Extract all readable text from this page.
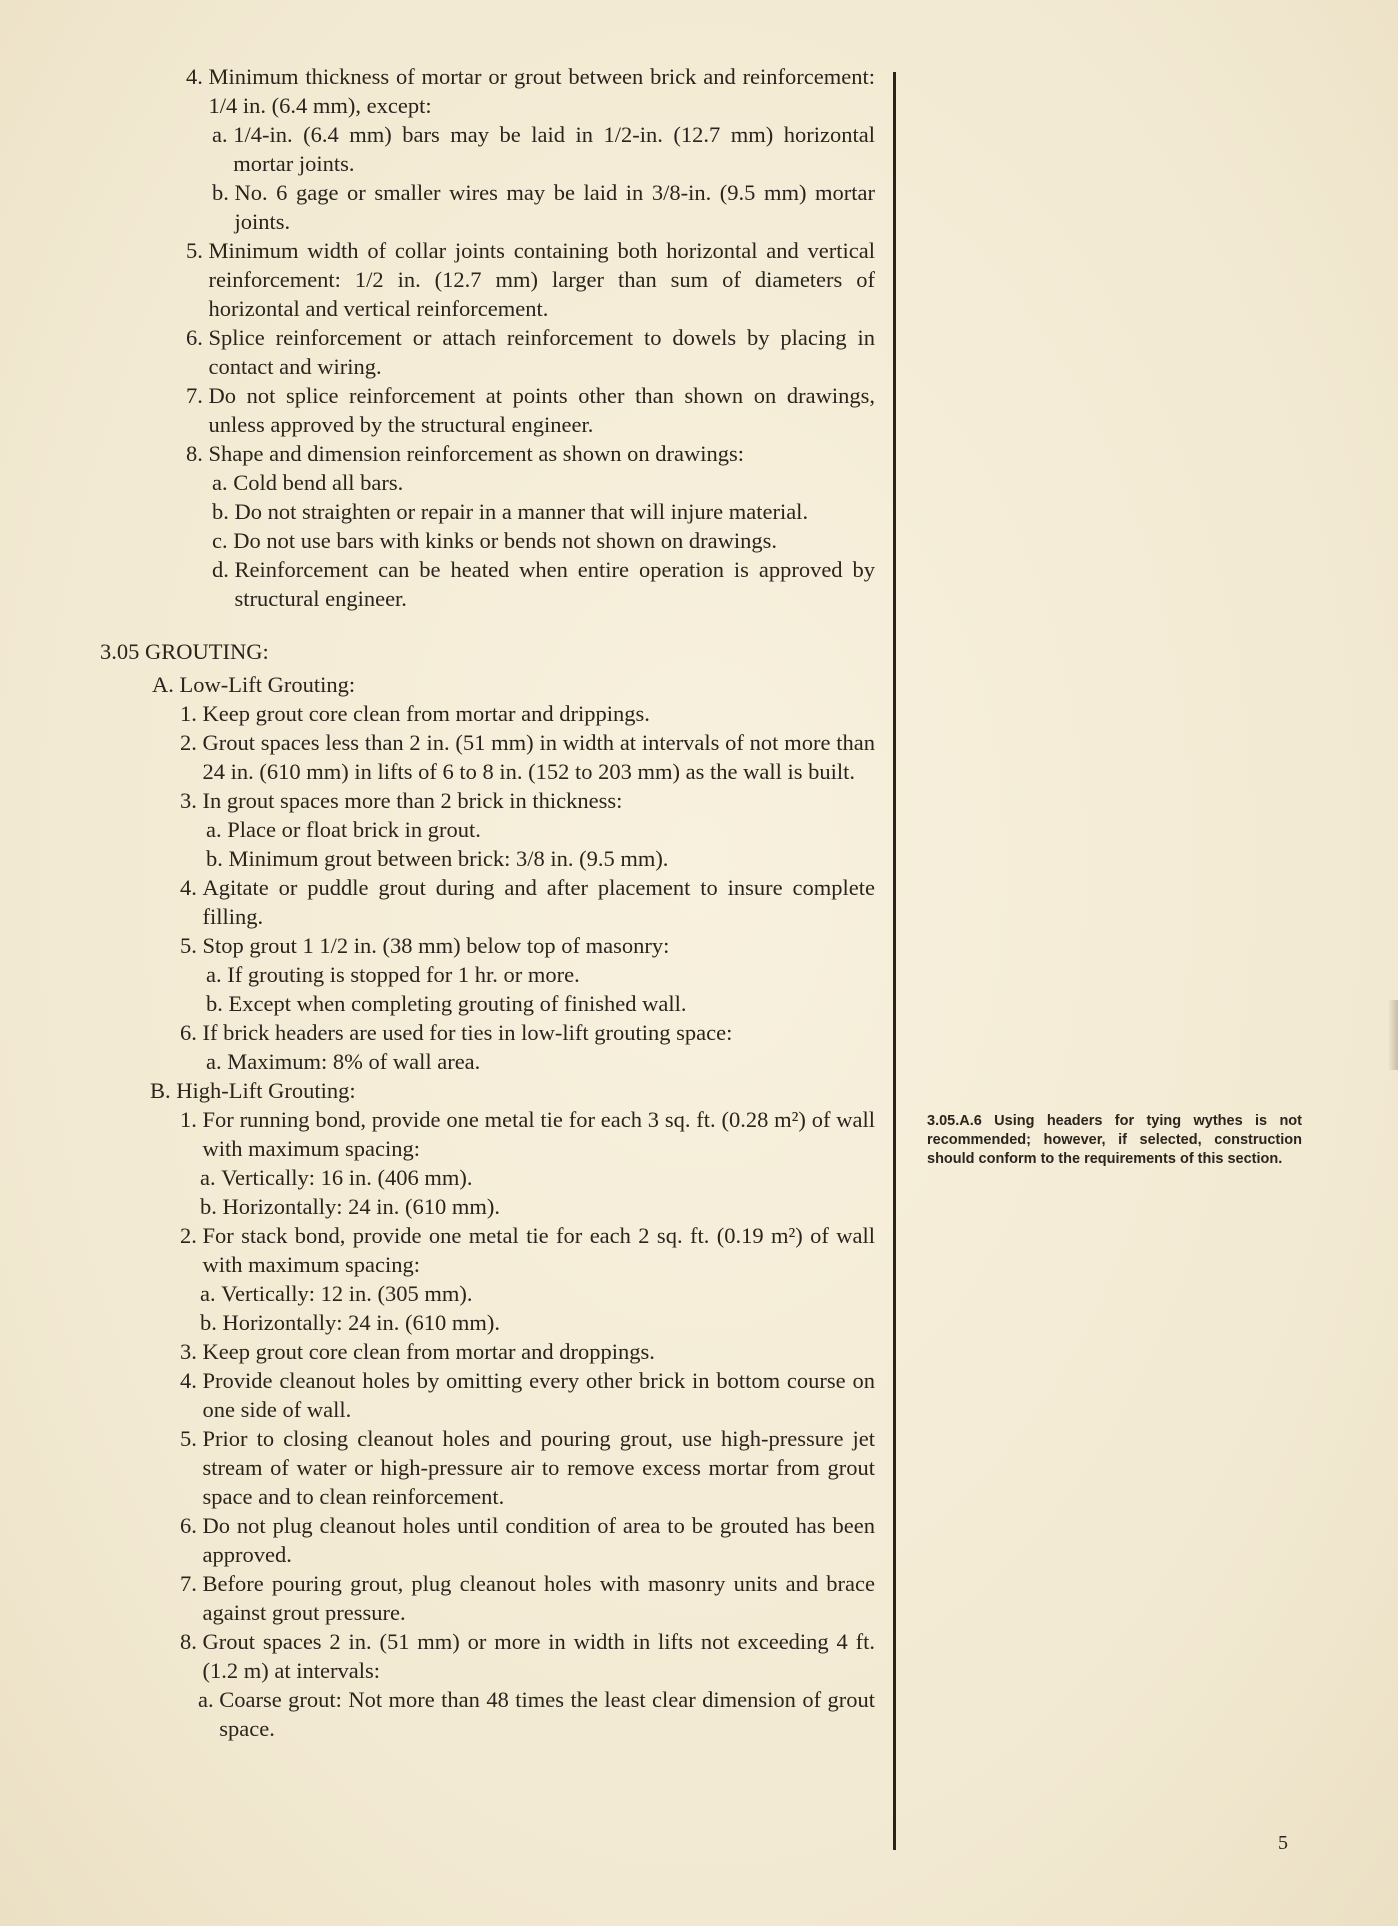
4. Minimum thickness of mortar or grout between brick and reinforcement: 1/4 in. (6.4 mm), except:
a. 1/4-in. (6.4 mm) bars may be laid in 1/2-in. (12.7 mm) horizontal mortar joints.
b. No. 6 gage or smaller wires may be laid in 3/8-in. (9.5 mm) mortar joints.
5. Minimum width of collar joints containing both horizontal and vertical reinforcement: 1/2 in. (12.7 mm) larger than sum of diameters of horizontal and vertical reinforcement.
6. Splice reinforcement or attach reinforcement to dowels by placing in contact and wiring.
7. Do not splice reinforcement at points other than shown on drawings, unless approved by the structural engineer.
8. Shape and dimension reinforcement as shown on drawings:
a. Cold bend all bars.
b. Do not straighten or repair in a manner that will injure material.
c. Do not use bars with kinks or bends not shown on drawings.
d. Reinforcement can be heated when entire operation is approved by structural engineer.
3.05 GROUTING:
A. Low-Lift Grouting:
1. Keep grout core clean from mortar and drippings.
2. Grout spaces less than 2 in. (51 mm) in width at intervals of not more than 24 in. (610 mm) in lifts of 6 to 8 in. (152 to 203 mm) as the wall is built.
3. In grout spaces more than 2 brick in thickness:
a. Place or float brick in grout.
b. Minimum grout between brick: 3/8 in. (9.5 mm).
4. Agitate or puddle grout during and after placement to insure complete filling.
5. Stop grout 1 1/2 in. (38 mm) below top of masonry:
a. If grouting is stopped for 1 hr. or more.
b. Except when completing grouting of finished wall.
6. If brick headers are used for ties in low-lift grouting space:
a. Maximum: 8% of wall area.
B. High-Lift Grouting:
1. For running bond, provide one metal tie for each 3 sq. ft. (0.28 m²) of wall with maximum spacing:
a. Vertically: 16 in. (406 mm).
b. Horizontally: 24 in. (610 mm).
2. For stack bond, provide one metal tie for each 2 sq. ft. (0.19 m²) of wall with maximum spacing:
a. Vertically: 12 in. (305 mm).
b. Horizontally: 24 in. (610 mm).
3. Keep grout core clean from mortar and droppings.
4. Provide cleanout holes by omitting every other brick in bottom course on one side of wall.
5. Prior to closing cleanout holes and pouring grout, use high-pressure jet stream of water or high-pressure air to remove excess mortar from grout space and to clean reinforcement.
6. Do not plug cleanout holes until condition of area to be grouted has been approved.
7. Before pouring grout, plug cleanout holes with masonry units and brace against grout pressure.
8. Grout spaces 2 in. (51 mm) or more in width in lifts not exceeding 4 ft. (1.2 m) at intervals:
a. Coarse grout: Not more than 48 times the least clear dimension of grout space.
3.05.A.6 Using headers for tying wythes is not recommended; however, if selected, construction should conform to the requirements of this section.
5
